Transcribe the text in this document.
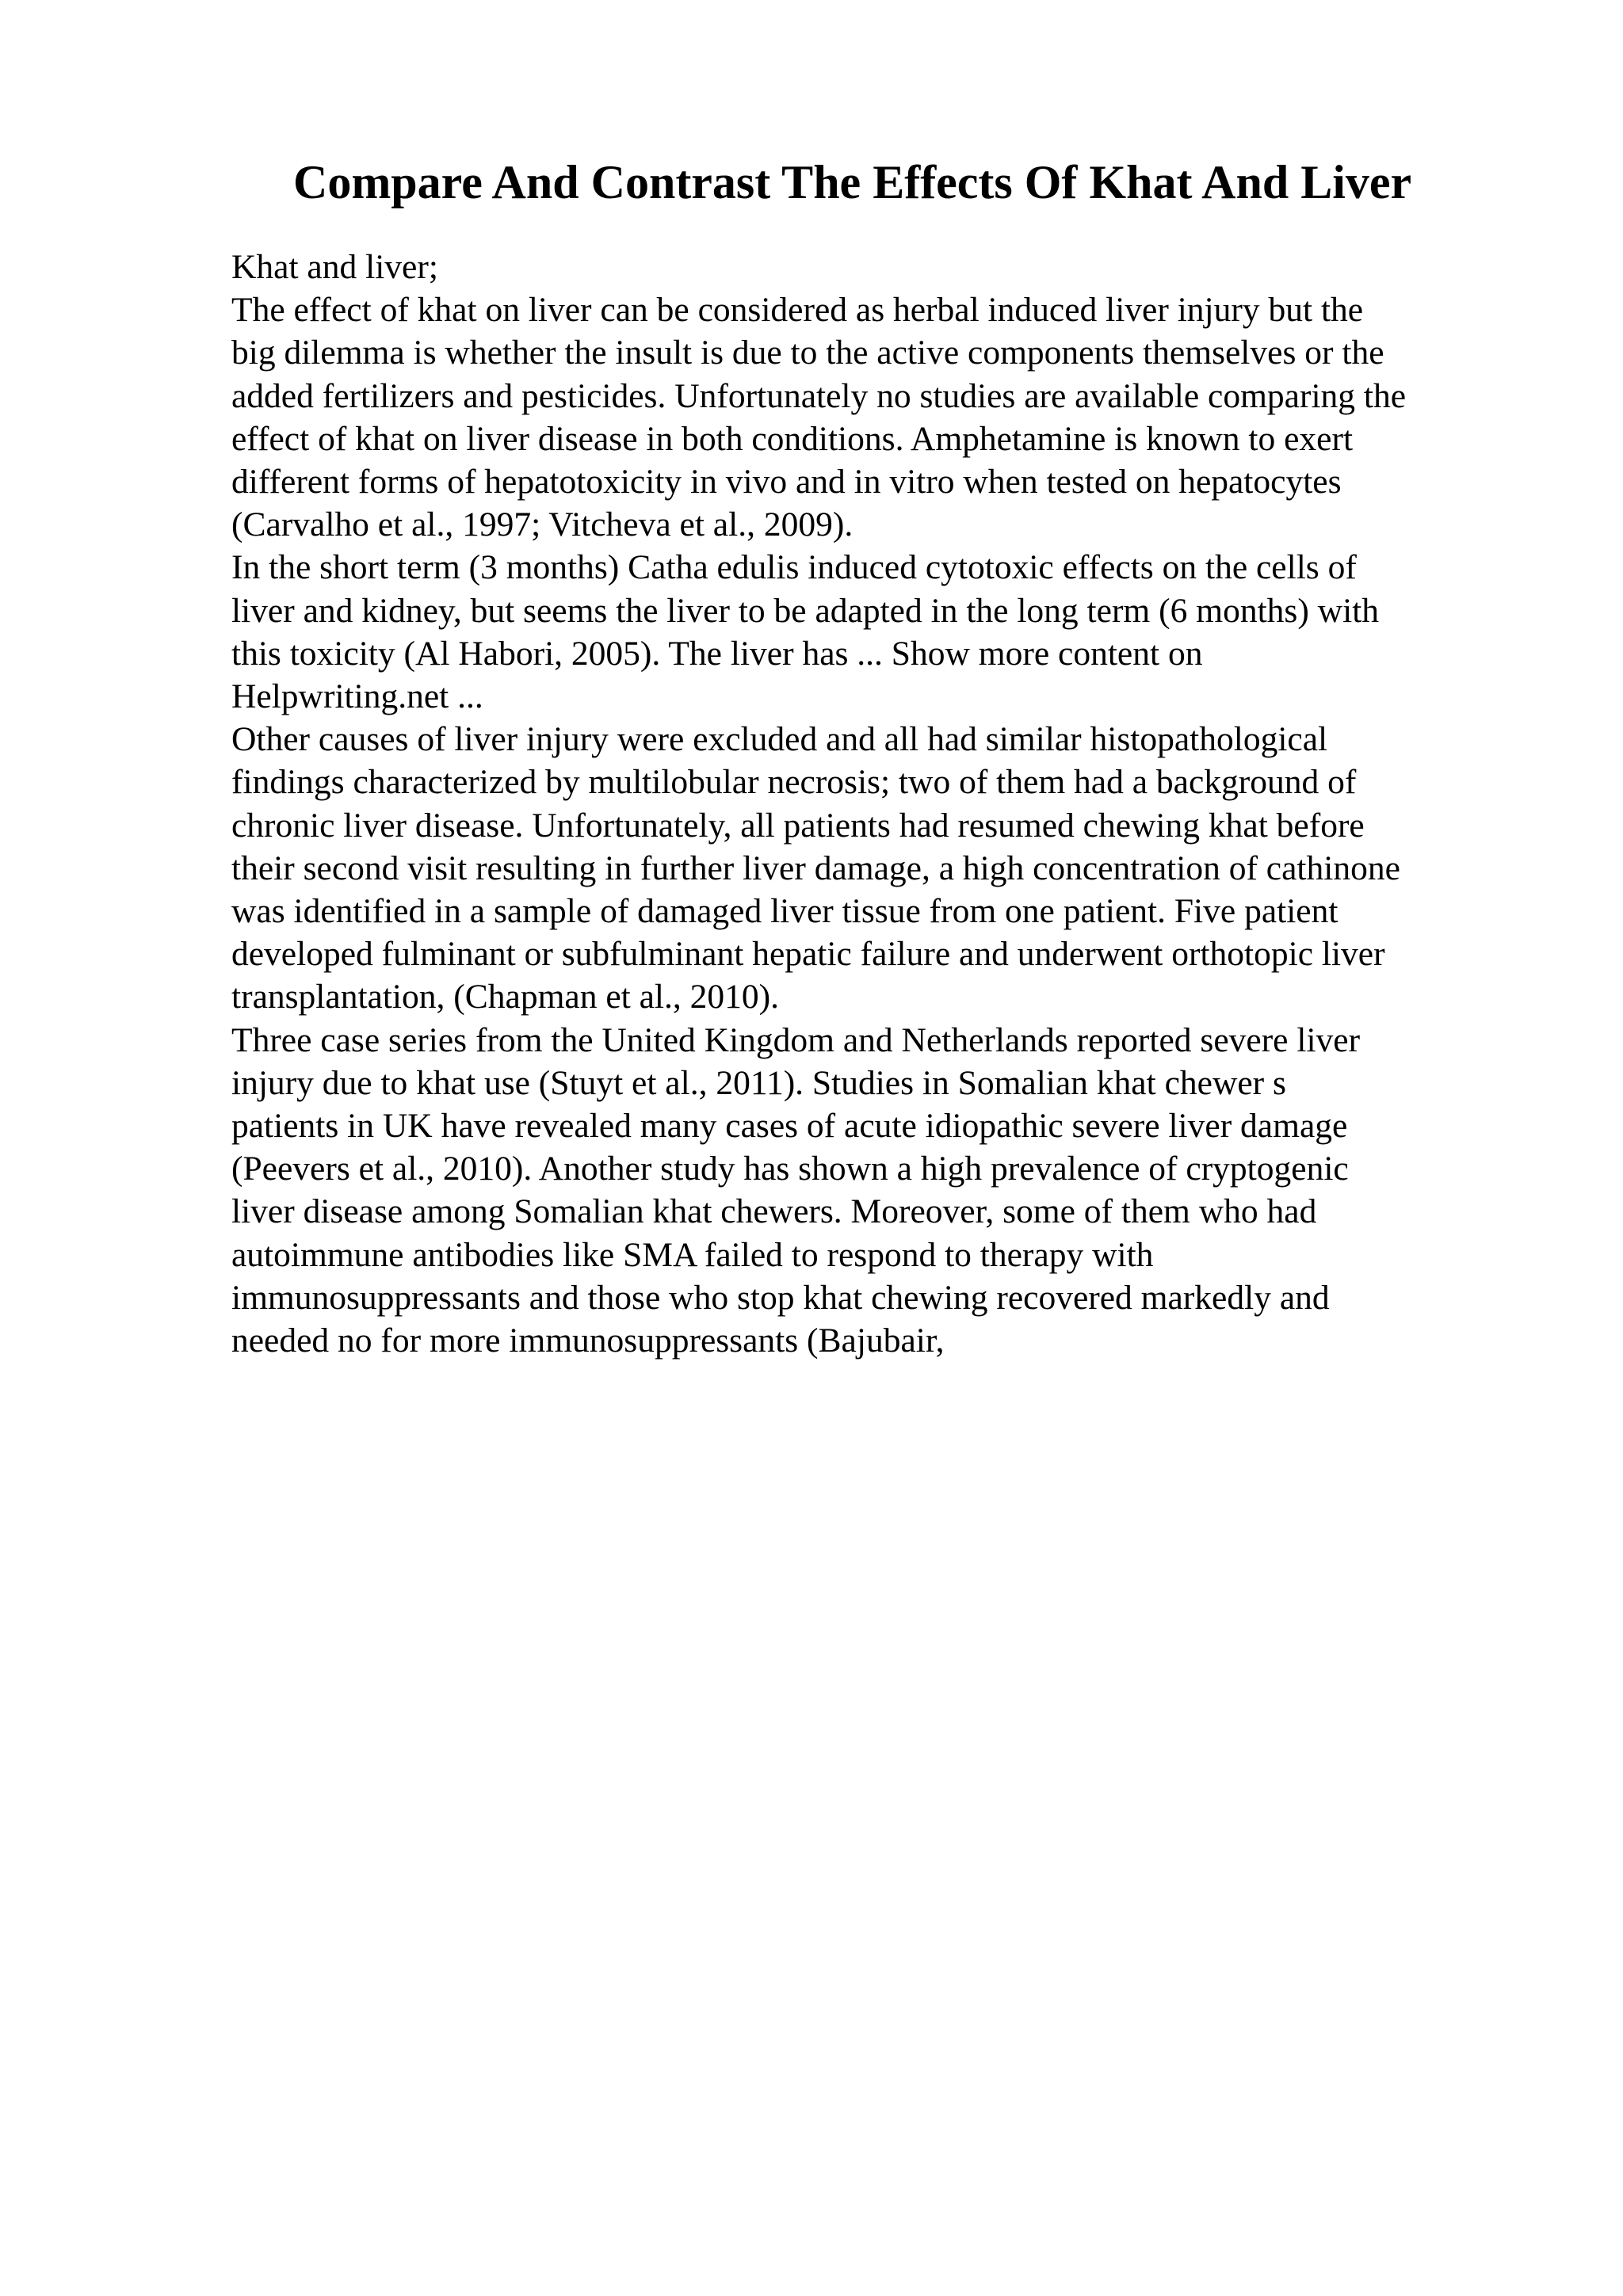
Compare And Contrast The Effects Of Khat And Liver
Khat and liver;
The effect of khat on liver can be considered as herbal induced liver injury but the
big dilemma is whether the insult is due to the active components themselves or the
added fertilizers and pesticides. Unfortunately no studies are available comparing the
effect of khat on liver disease in both conditions. Amphetamine is known to exert
different forms of hepatotoxicity in vivo and in vitro when tested on hepatocytes
(Carvalho et al., 1997; Vitcheva et al., 2009).
In the short term (3 months) Catha edulis induced cytotoxic effects on the cells of
liver and kidney, but seems the liver to be adapted in the long term (6 months) with
this toxicity (Al Habori, 2005). The liver has ... Show more content on
Helpwriting.net ...
Other causes of liver injury were excluded and all had similar histopathological
findings characterized by multilobular necrosis; two of them had a background of
chronic liver disease. Unfortunately, all patients had resumed chewing khat before
their second visit resulting in further liver damage, a high concentration of cathinone
was identified in a sample of damaged liver tissue from one patient. Five patient
developed fulminant or subfulminant hepatic failure and underwent orthotopic liver
transplantation, (Chapman et al., 2010).
Three case series from the United Kingdom and Netherlands reported severe liver
injury due to khat use (Stuyt et al., 2011). Studies in Somalian khat chewer s
patients in UK have revealed many cases of acute idiopathic severe liver damage
(Peevers et al., 2010). Another study has shown a high prevalence of cryptogenic
liver disease among Somalian khat chewers. Moreover, some of them who had
autoimmune antibodies like SMA failed to respond to therapy with
immunosuppressants and those who stop khat chewing recovered markedly and
needed no for more immunosuppressants (Bajubair,
